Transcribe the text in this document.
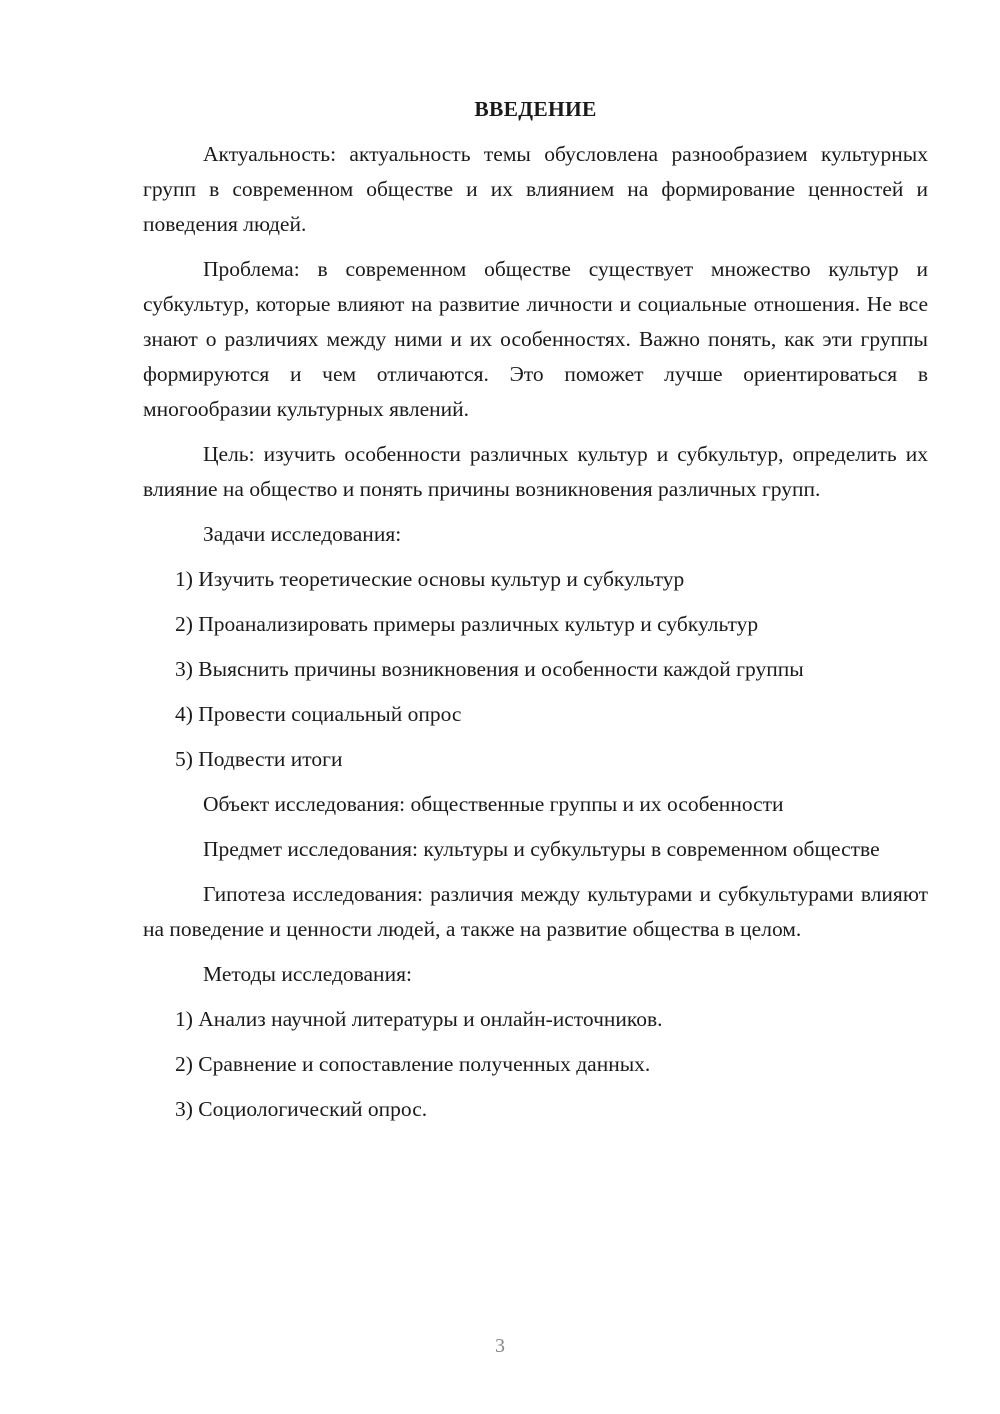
ВВЕДЕНИЕ

Актуальность: актуальность темы обусловлена разнообразием культурных групп в современном обществе и их влиянием на формирование ценностей и поведения людей.

Проблема: в современном обществе существует множество культур и субкультур, которые влияют на развитие личности и социальные отношения. Не все знают о различиях между ними и их особенностях. Важно понять, как эти группы формируются и чем отличаются. Это поможет лучше ориентироваться в многообразии культурных явлений.

Цель: изучить особенности различных культур и субкультур, определить их влияние на общество и понять причины возникновения различных групп.

Задачи исследования:

1) Изучить теоретические основы культур и субкультур
2) Проанализировать примеры различных культур и субкультур
3) Выяснить причины возникновения и особенности каждой группы
4) Провести социальный опрос
5) Подвести итоги

Объект исследования: общественные группы и их особенности

Предмет исследования: культуры и субкультуры в современном обществе

Гипотеза исследования: различия между культурами и субкультурами влияют на поведение и ценности людей, а также на развитие общества в целом.

Методы исследования:

1) Анализ научной литературы и онлайн-источников.
2) Сравнение и сопоставление полученных данных.
3) Социологический опрос.
3
